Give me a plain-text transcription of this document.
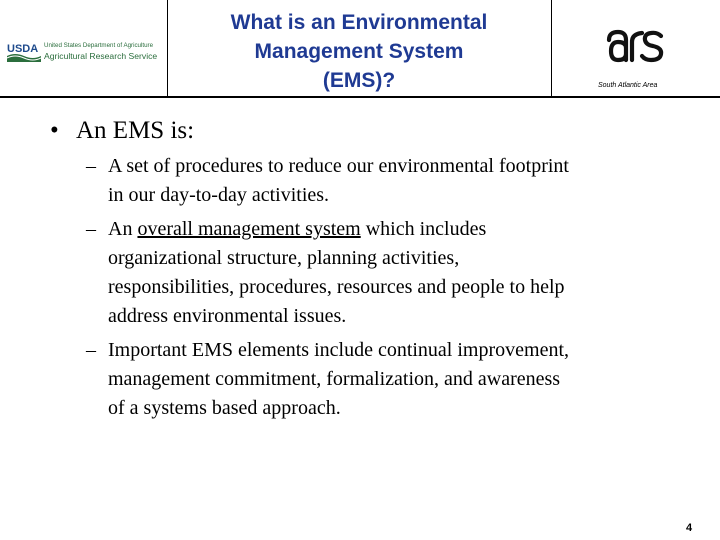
USDA United States Department of Agriculture
Agricultural Research Service
What is an Environmental
Management System
(EMS)?	South Atlantic Area
• An EMS is:
– A set of procedures to reduce our environmental footprint
in our day-to-day activities.
– An overall management system which includes
organizational structure, planning activities,
responsibilities, procedures, resources and people to help
address environmental issues.
– Important EMS elements include continual improvement,
management commitment, formalization, and awareness
of a systems based approach.
4
